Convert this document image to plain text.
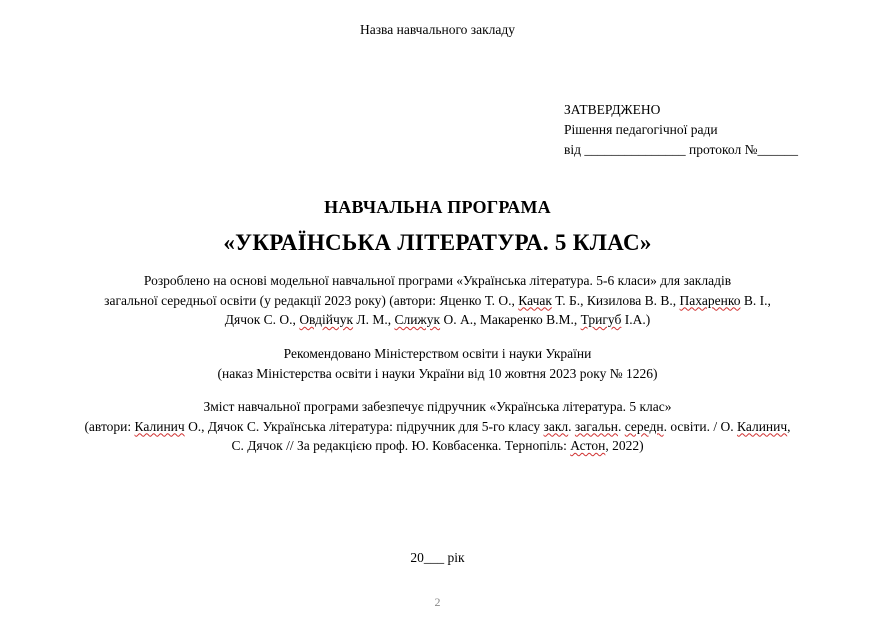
Назва навчального закладу
ЗАТВЕРДЖЕНО
Рішення педагогічної ради
від _______________ протокол №______
НАВЧАЛЬНА ПРОГРАМА
«УКРАЇНСЬКА ЛІТЕРАТУРА. 5 КЛАС»
Розроблено на основі модельної навчальної програми «Українська література. 5-6 класи» для закладів
загальної середньої освіти (у редакції 2023 року) (автори: Яценко Т. О., Качак Т. Б., Кизилова В. В., Пахаренко В. І.,
Дячок С. О., Овдійчук Л. М., Слижук О. А., Макаренко В.М., Тригуб І.А.)
Рекомендовано Міністерством освіти і науки України
(наказ Міністерства освіти і науки України від 10 жовтня 2023 року № 1226)
Зміст навчальної програми забезпечує підручник «Українська література. 5 клас»
(автори: Калинич О., Дячок С. Українська література: підручник для 5-го класу закл. загальн. середн. освіти. / О. Калинич,
С. Дячок // За редакцією проф. Ю. Ковбасенка. Тернопіль: Астон, 2022)
20___ рік
2
